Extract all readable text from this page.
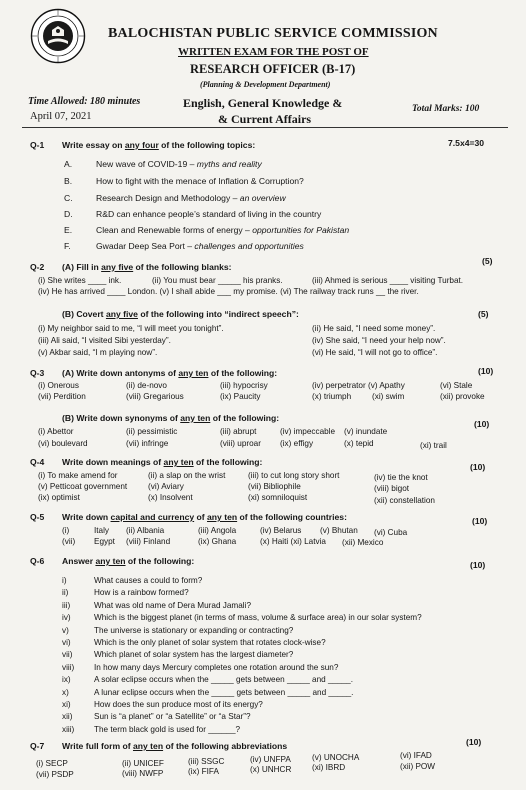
BALOCHISTAN PUBLIC SERVICE COMMISSION
WRITTEN EXAM FOR THE POST OF
RESEARCH OFFICER (B-17)
(Planning & Development Department)
English, General Knowledge &
& Current Affairs
Time Allowed: 180 minutes
April 07, 2021
Total Marks: 100
Q-1 Write essay on any four of the following topics:	7.5x4=30
A.	New wave of COVID-19 – myths and reality
B.	How to fight with the menace of Inflation & Corruption?
C.	Research Design and Methodology – an overview
D.	R&D can enhance people’s standard of living in the country
E.	Clean and Renewable forms of energy – opportunities for Pakistan
F.	Gwadar Deep Sea Port – challenges and opportunities
Q-2 (A) Fill in any five of the following blanks:
(5)
(i) She writes ____ ink.	(ii) You must bear _____ his pranks.	(iii) Ahmed is serious ____ visiting Turbat.
(iv) He has arrived ____ London. (v) I shall abide ___ my promise. (vi) The railway track runs __ the river.
(B) Covert any five of the following into “indirect speech”:	(5)
(i) My neighbor said to me, “I will meet you tonight”.	(ii) He said, “I need some money”.
(iii) Ali said, “I visited Sibi yesterday”.	(iv) She said, “I need your help now”.
(v) Akbar said, “I m playing now”.	(vi) He said, “I will not go to office”.
Q-3 (A) Write down antonyms of any ten of the following:	(10)
(i) Onerous	(ii) de-novo	(iii) hypocrisy	(iv) perpetrator (v) Apathy	(vi) Stale
(vii) Perdition	(viii) Gregarious	(ix) Paucity	(x) triumph	(xi) swim	(xii) provoke
(B) Write down synonyms of any ten of the following:
(10)
(i) Abettor	(ii) pessimistic	(iii) abrupt	(iv) impeccable (v) inundate
(vi) boulevard	(vii) infringe	(viii) uproar (ix) effigy	(x) tepid	(xi) trail
Q-4 Write down meanings of any ten of the following:	(10)
(i) To make amend for	(ii) a slap on the wrist	(iii) to cut long story short	(iv) tie the knot
(v) Petticoat government	(vi) Aviary	(vii) Bibliophile	(viii) bigot
(ix) optimist	(x) Insolvent	(xi) somniloquist	(xii) constellation
Q-5 Write down capital and currency of any ten of the following countries:	(10)
(i)	Italy (ii) Albania	(iii) Angola	(iv) Belarus (v) Bhutan (vi) Cuba
(vii) Egypt (viii) Finland	(ix) Ghana	(x) Haiti (xi) Latvia (xii) Mexico
Q-6 Answer any ten of the following:	(10)
i)	What causes a could to form?
ii)	How is a rainbow formed?
iii)	What was old name of Dera Murad Jamali?
iv)	Which is the biggest planet (in terms of mass, volume & surface area) in our solar system?
v)	The universe is stationary or expanding or contracting?
vi)	Which is the only planet of solar system that rotates clock-wise?
vii)	Which planet of solar system has the largest diameter?
viii) In how many days Mercury completes one rotation around the sun?
ix)	A solar eclipse occurs when the _____ gets between _____ and _____.
x)	A lunar eclipse occurs when the _____ gets between _____ and _____.
xi)	How does the sun produce most of its energy?
xii)	Sun is “a planet” or “a Satellite” or “a Star”?
xiii) The term black gold is used for ______?
Q-7 Write full form of any ten of the following abbreviations	(10)
(i) SECP	(ii) UNICEF	(iii) SSGC	(iv) UNFPA	(v) UNOCHA	(vi) IFAD
(vii) PSDP	(viii) NWFP	(ix) FIFA	(x) UNHCR	(xi) IBRD	(xii) POW
